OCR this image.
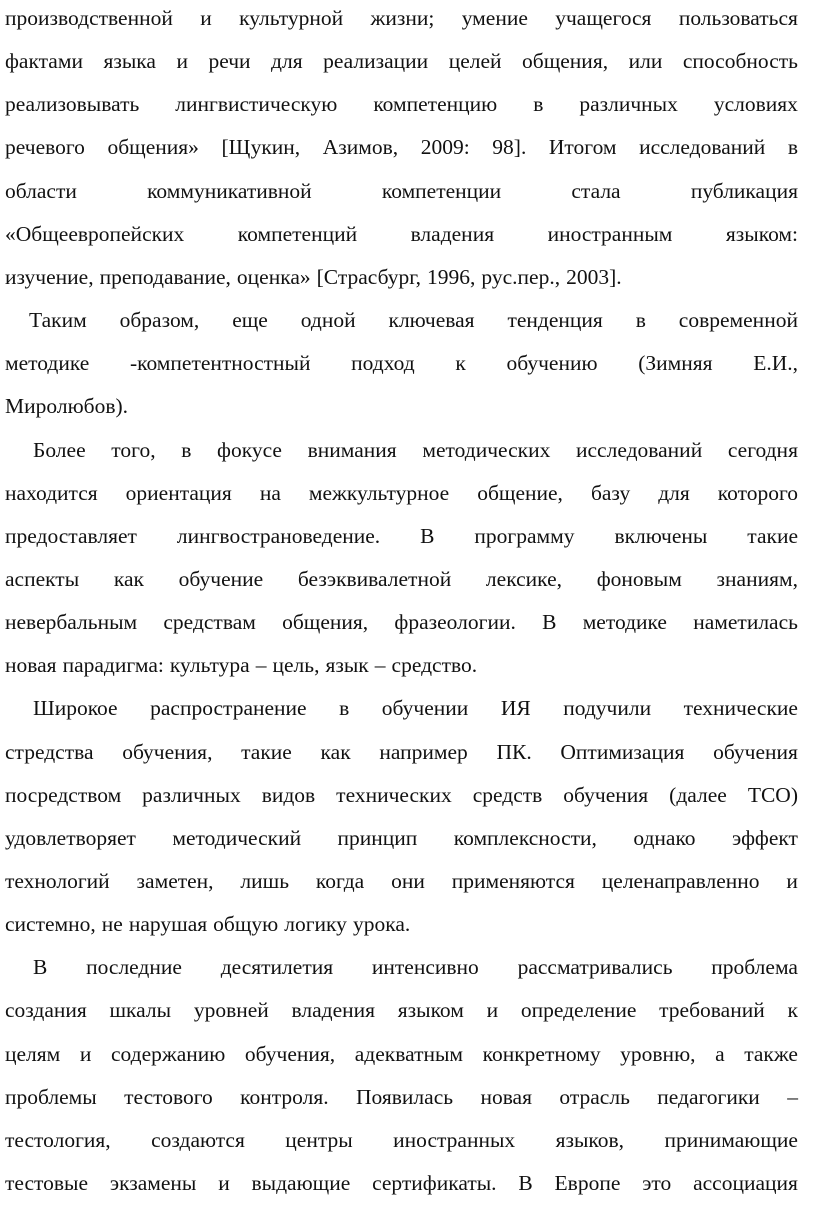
производственной и культурной жизни; умение учащегося пользоваться
фактами языка и речи для реализации целей общения, или способность
реализовывать лингвистическую компетенцию в различных условиях
речевого общения» [Щукин, Азимов, 2009: 98]. Итогом исследований в
области	коммуникативной	компетенции	стала	публикация
«Общеевропейских компетенций владения иностранным языком:
изучение, преподавание, оценка» [Страсбург, 1996, рус.пер., 2003].
Таким образом, еще одной ключевая тенденция в современной
методике -компетентностный подход к обучению (Зимняя Е.И.,
Миролюбов).
Более того, в фокусе внимания методических исследований сегодня
находится ориентация на межкультурное общение, базу для которого
предоставляет лингвострановедение. В программу включены такие
аспекты как обучение безэквивалетной лексике, фоновым знаниям,
невербальным средствам общения, фразеологии. В методике наметилась
новая парадигма: культура – цель, язык – средство.
Широкое распространение в обучении ИЯ подучили технические
стредства обучения, такие как например ПК. Оптимизация обучения
посредством различных видов технических средств обучения (далее ТСО)
удовлетворяет методический принцип комплексности, однако эффект
технологий заметен, лишь когда они применяются целенаправленно и
системно, не нарушая общую логику урока.
В последние десятилетия интенсивно рассматривались проблема
создания шкалы уровней владения языком и определение требований к
целям и содержанию обучения, адекватным конкретному уровню, а также
проблемы тестового контроля. Появилась новая отрасль педагогики –
тестология, создаются центры иностранных языков, принимающие
тестовые экзамены и выдающие сертификаты. В Европе это ассоциация
